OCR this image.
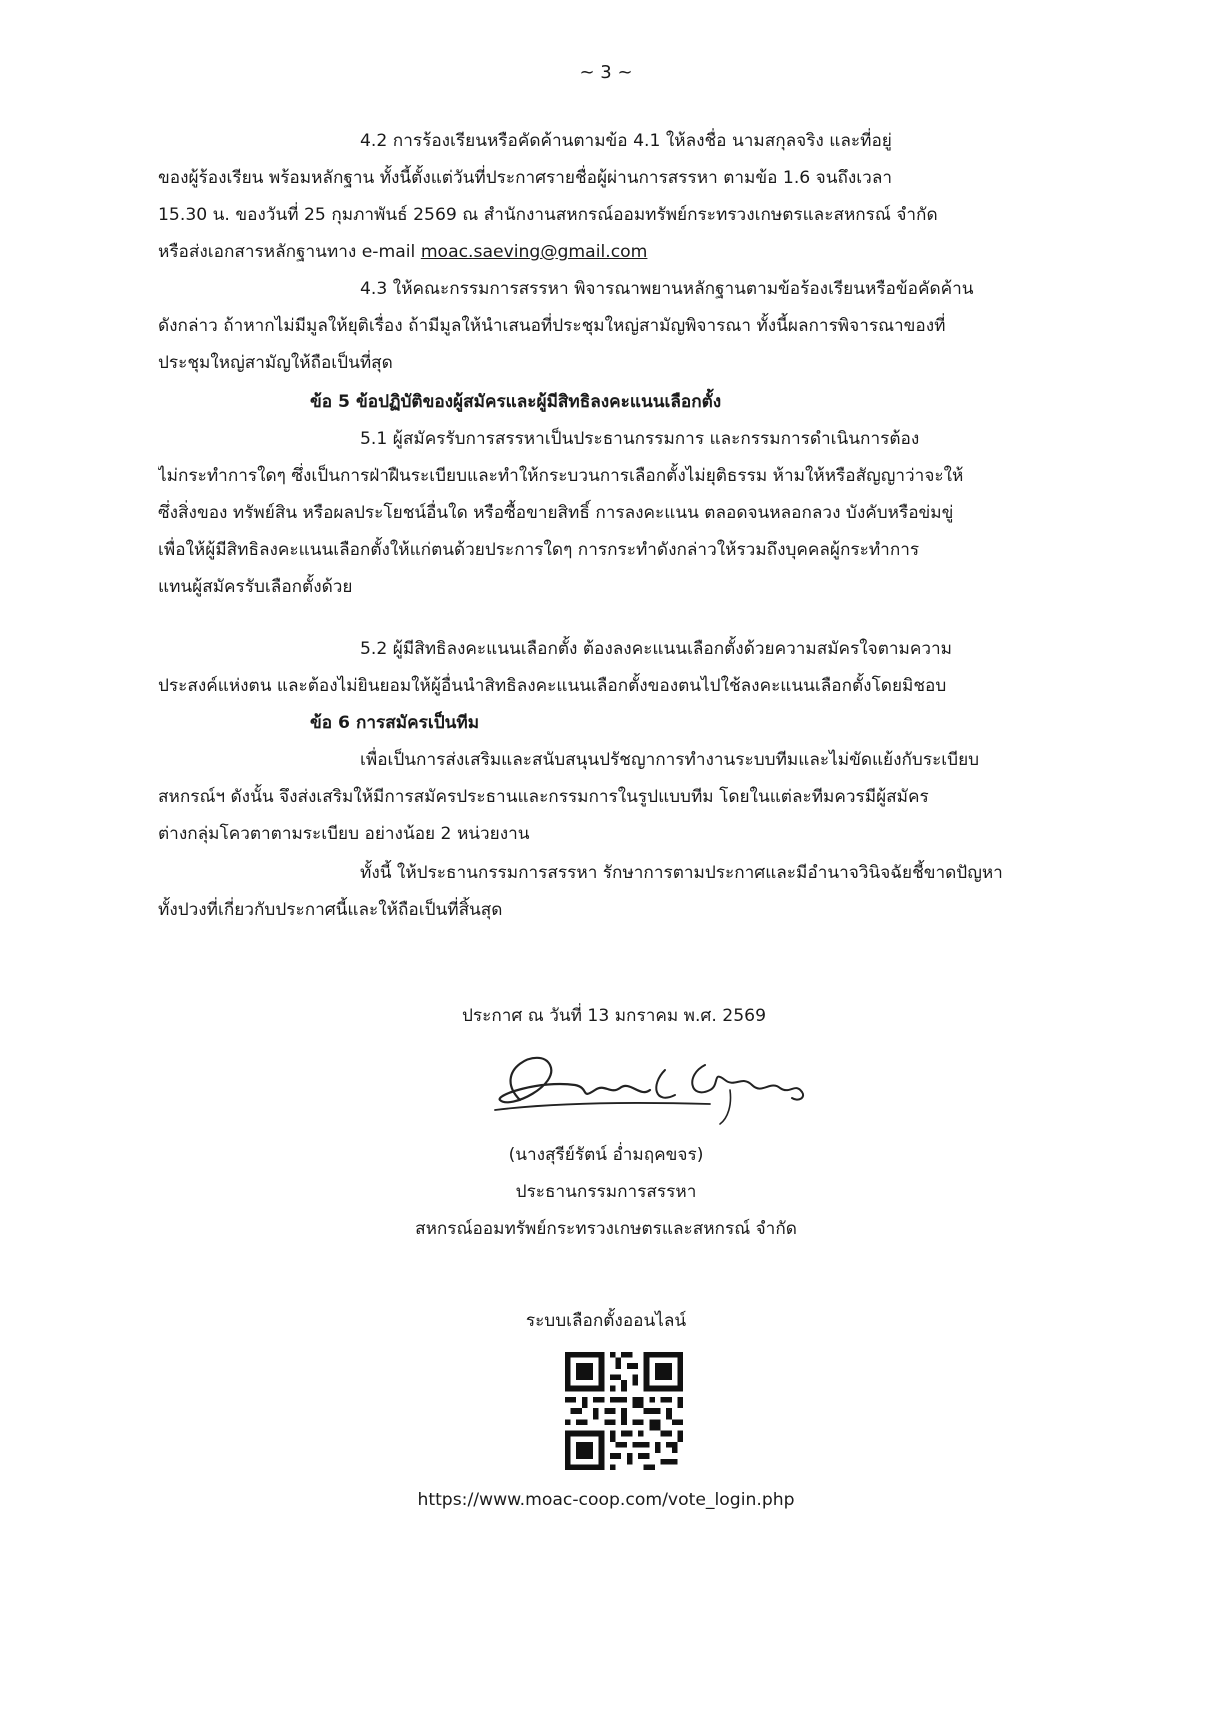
~ 3 ~
4.2 การร้องเรียนหรือคัดค้านตามข้อ 4.1 ให้ลงชื่อ นามสกุลจริง และที่อยู่
ของผู้ร้องเรียน พร้อมหลักฐาน ทั้งนี้ตั้งแต่วันที่ประกาศรายชื่อผู้ผ่านการสรรหา ตามข้อ 1.6 จนถึงเวลา
15.30 น. ของวันที่ 25 กุมภาพันธ์ 2569 ณ สำนักงานสหกรณ์ออมทรัพย์กระทรวงเกษตรและสหกรณ์ จำกัด
หรือส่งเอกสารหลักฐานทาง e-mail moac.saeving@gmail.com
4.3 ให้คณะกรรมการสรรหา พิจารณาพยานหลักฐานตามข้อร้องเรียนหรือข้อคัดค้าน
ดังกล่าว ถ้าหากไม่มีมูลให้ยุติเรื่อง ถ้ามีมูลให้นำเสนอที่ประชุมใหญ่สามัญพิจารณา ทั้งนี้ผลการพิจารณาของที่
ประชุมใหญ่สามัญให้ถือเป็นที่สุด
ข้อ 5 ข้อปฏิบัติของผู้สมัครและผู้มีสิทธิลงคะแนนเลือกตั้ง
5.1 ผู้สมัครรับการสรรหาเป็นประธานกรรมการ และกรรมการดำเนินการต้อง
ไม่กระทำการใดๆ ซึ่งเป็นการฝ่าฝืนระเบียบและทำให้กระบวนการเลือกตั้งไม่ยุติธรรม ห้ามให้หรือสัญญาว่าจะให้
ซึ่งสิ่งของ ทรัพย์สิน หรือผลประโยชน์อื่นใด หรือซื้อขายสิทธิ์ การลงคะแนน ตลอดจนหลอกลวง บังคับหรือข่มขู่
เพื่อให้ผู้มีสิทธิลงคะแนนเลือกตั้งให้แก่ตนด้วยประการใดๆ การกระทำดังกล่าวให้รวมถึงบุคคลผู้กระทำการ
แทนผู้สมัครรับเลือกตั้งด้วย
5.2 ผู้มีสิทธิลงคะแนนเลือกตั้ง ต้องลงคะแนนเลือกตั้งด้วยความสมัครใจตามความ
ประสงค์แห่งตน และต้องไม่ยินยอมให้ผู้อื่นนำสิทธิลงคะแนนเลือกตั้งของตนไปใช้ลงคะแนนเลือกตั้งโดยมิชอบ
ข้อ 6 การสมัครเป็นทีม
เพื่อเป็นการส่งเสริมและสนับสนุนปรัชญาการทำงานระบบทีมและไม่ขัดแย้งกับระเบียบ
สหกรณ์ฯ ดังนั้น จึงส่งเสริมให้มีการสมัครประธานและกรรมการในรูปแบบทีม โดยในแต่ละทีมควรมีผู้สมัคร
ต่างกลุ่มโควตาตามระเบียบ อย่างน้อย 2 หน่วยงาน
ทั้งนี้ ให้ประธานกรรมการสรรหา รักษาการตามประกาศและมีอำนาจวินิจฉัยชี้ขาดปัญหา
ทั้งปวงที่เกี่ยวกับประกาศนี้และให้ถือเป็นที่สิ้นสุด
ประกาศ ณ วันที่ 13 มกราคม พ.ศ. 2569
(นางสุรีย์รัตน์ อ่ำมฤคขจร)
ประธานกรรมการสรรหา
สหกรณ์ออมทรัพย์กระทรวงเกษตรและสหกรณ์ จำกัด
ระบบเลือกตั้งออนไลน์
https://www.moac-coop.com/vote_login.php
